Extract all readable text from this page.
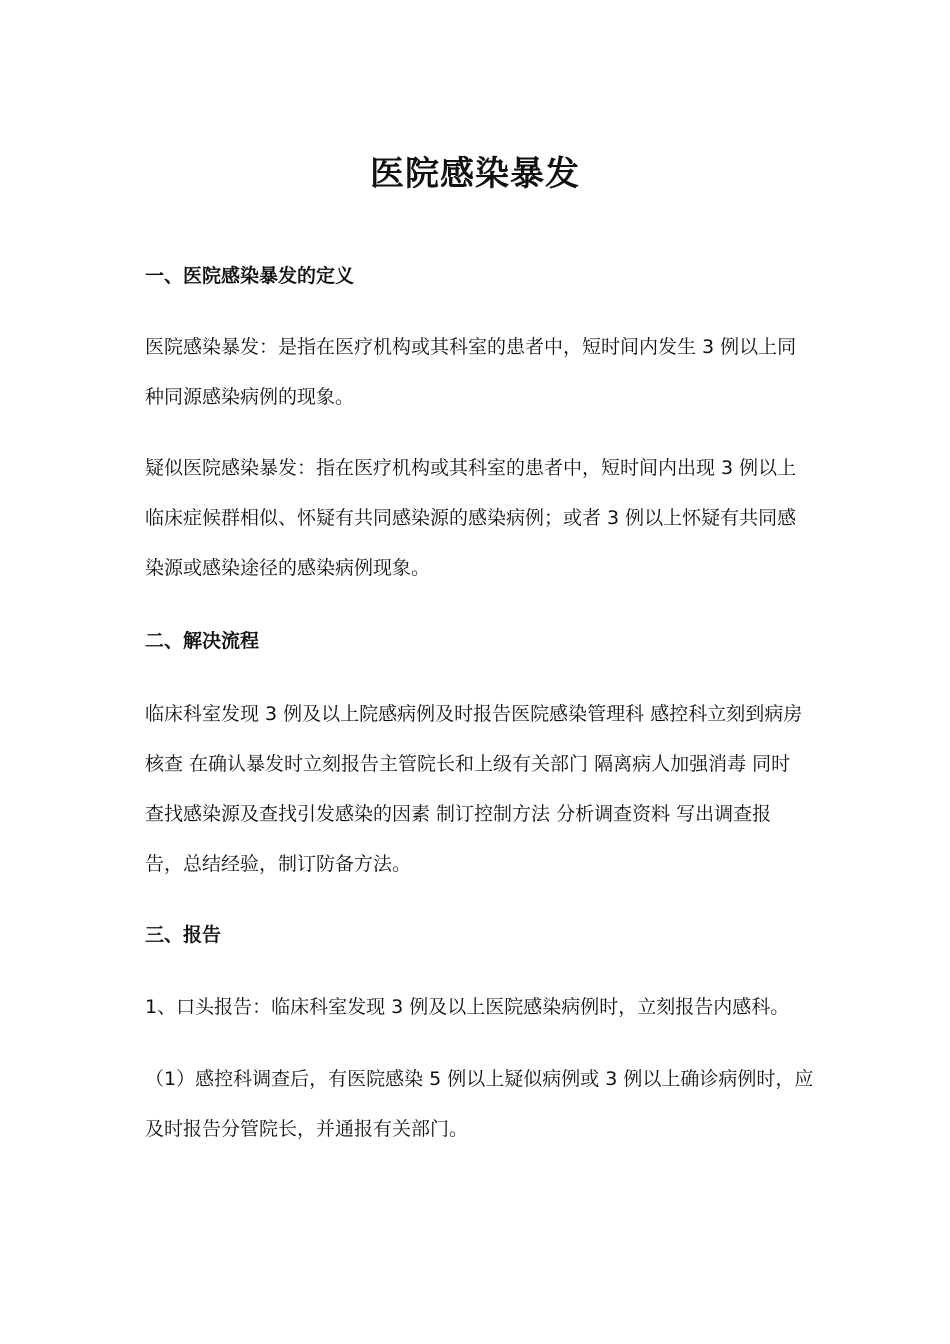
医院感染暴发
一、医院感染暴发的定义
医院感染暴发：是指在医疗机构或其科室的患者中，短时间内发生 3 例以上同
种同源感染病例的现象。
疑似医院感染暴发：指在医疗机构或其科室的患者中，短时间内出现 3 例以上
临床症候群相似、怀疑有共同感染源的感染病例；或者 3 例以上怀疑有共同感
染源或感染途径的感染病例现象。
二、解决流程
临床科室发现 3 例及以上院感病例及时报告医院感染管理科 感控科立刻到病房
核查 在确认暴发时立刻报告主管院长和上级有关部门 隔离病人加强消毒 同时
查找感染源及查找引发感染的因素 制订控制方法 分析调查资料 写出调查报
告，总结经验，制订防备方法。
三、报告
1、口头报告：临床科室发现 3 例及以上医院感染病例时，立刻报告内感科。
（1）感控科调查后，有医院感染 5 例以上疑似病例或 3 例以上确诊病例时，应
及时报告分管院长，并通报有关部门。
